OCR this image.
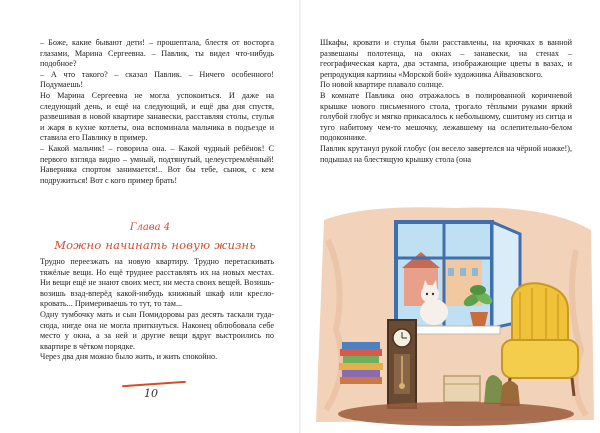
– Боже, какие бывают дети! – прошептала, блестя от восторга глазами, Марина Сергеевна. – Павлик, ты видел что-нибудь подобное?

– А что такого? – сказал Павлик. – Ничего особенного! Подумаешь!

Но Марина Сергеевна не могла успокоиться. И даже на следующий день, и ещё на следующий, и ещё два дня спустя, развешивая в новой квартире занавески, расставляя столы, стулья и жаря в кухне котлеты, она вспоминала мальчика в подъезде и ставила его Павлику в пример.

– Какой мальчик! – говорила она. – Какой чудный ребёнок! С первого взгляда видно – умный, подтянутый, целеустремлённый! Наверняка спортом занимается!.. Вот бы тебе, сынок, с кем подружиться! Вот с кого пример брать!

Глава 4
Можно начинать новую жизнь

Трудно переезжать на новую квартиру. Трудно перетаскивать тяжёлые вещи. Но ещё труднее расставлять их на новых местах. Ни вещи ещё не знают своих мест, ни места своих вещей. Возишь-возишь взад-вперёд какой-нибудь книжный шкаф или кресло-кровать... Примериваешь то тут, то там...

Одну тумбочку мать и сын Помидоровы раз десять таскали туда-сюда, нигде она не могла приткнуться. Наконец облюбовала себе место у окна, а за ней и другие вещи вдруг выстроились по квартире в чётком порядке.

Через два дня можно было жить, и жить спокойно.

10

Шкафы, кровати и стулья были расставлены, на крючках в ванной развешаны полотенца, на окнах – занавески, на стенах – географическая карта, два эстампа, изображающие цветы в вазах, и репродукция картины «Морской бой» художника Айвазовского.

По новой квартире плавало солнце.

В комнате Павлика оно отражалось в полированной коричневой крышке нового письменного стола, трогало тёплыми руками яркий голубой глобус и мягко прикасалось к небольшому, сшитому из ситца и туго набитому чем-то мешочку, лежавшему на ослепительно-белом подоконнике.

Павлик крутанул рукой глобус (он весело завертелся на чёрной ножке!), подышал на блестящую крышку стола (она
